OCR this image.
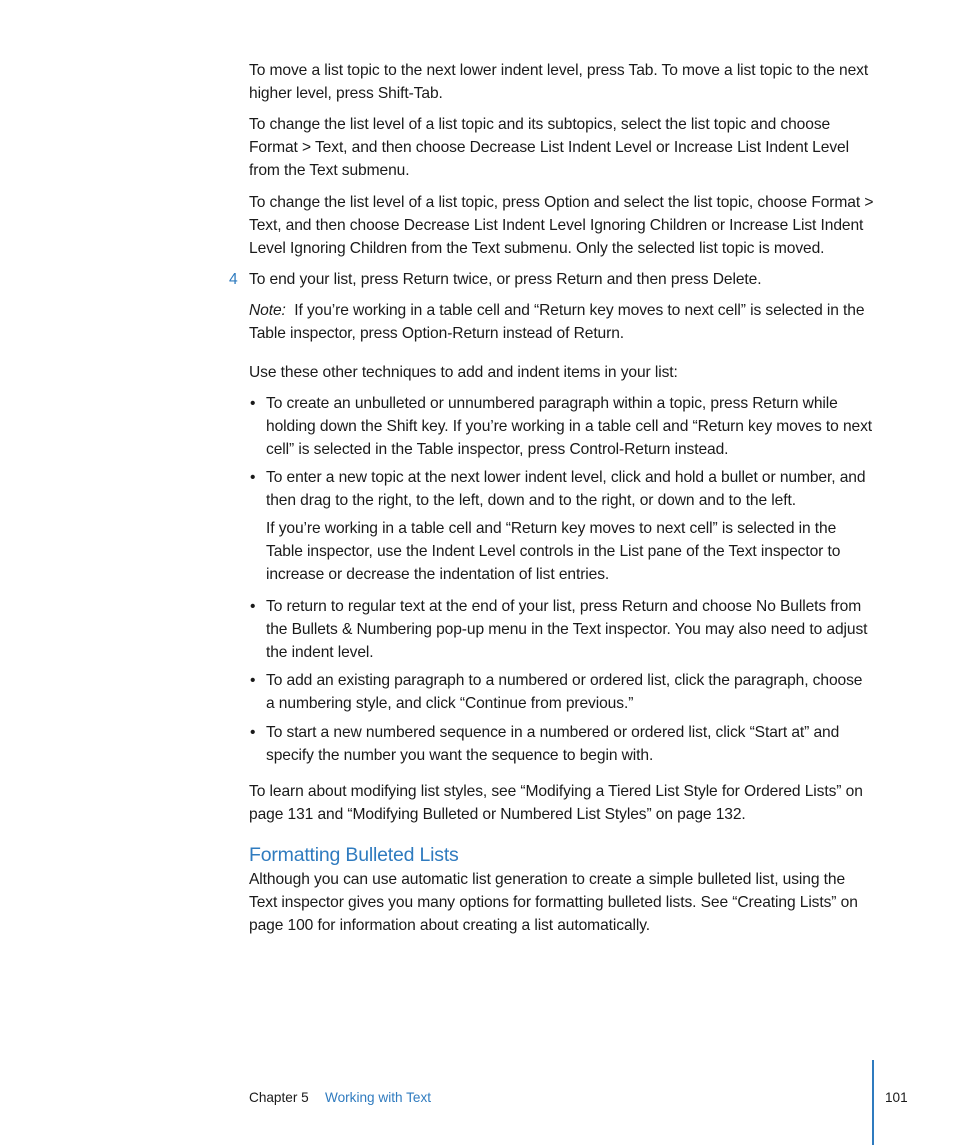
To move a list topic to the next lower indent level, press Tab. To move a list topic to the next higher level, press Shift-Tab.

To change the list level of a list topic and its subtopics, select the list topic and choose Format > Text, and then choose Decrease List Indent Level or Increase List Indent Level from the Text submenu.

To change the list level of a list topic, press Option and select the list topic, choose Format > Text, and then choose Decrease List Indent Level Ignoring Children or Increase List Indent Level Ignoring Children from the Text submenu. Only the selected list topic is moved.

4 To end your list, press Return twice, or press Return and then press Delete.

Note: If you’re working in a table cell and “Return key moves to next cell” is selected in the Table inspector, press Option-Return instead of Return.

Use these other techniques to add and indent items in your list:

• To create an unbulleted or unnumbered paragraph within a topic, press Return while holding down the Shift key. If you’re working in a table cell and “Return key moves to next cell” is selected in the Table inspector, press Control-Return instead.

• To enter a new topic at the next lower indent level, click and hold a bullet or number, and then drag to the right, to the left, down and to the right, or down and to the left.

If you’re working in a table cell and “Return key moves to next cell” is selected in the Table inspector, use the Indent Level controls in the List pane of the Text inspector to increase or decrease the indentation of list entries.

• To return to regular text at the end of your list, press Return and choose No Bullets from the Bullets & Numbering pop-up menu in the Text inspector. You may also need to adjust the indent level.

• To add an existing paragraph to a numbered or ordered list, click the paragraph, choose a numbering style, and click “Continue from previous.”

• To start a new numbered sequence in a numbered or ordered list, click “Start at” and specify the number you want the sequence to begin with.

To learn about modifying list styles, see “Modifying a Tiered List Style for Ordered Lists” on page 131 and “Modifying Bulleted or Numbered List Styles” on page 132.

Formatting Bulleted Lists

Although you can use automatic list generation to create a simple bulleted list, using the Text inspector gives you many options for formatting bulleted lists. See “Creating Lists” on page 100 for information about creating a list automatically.

Chapter 5 Working with Text	101
